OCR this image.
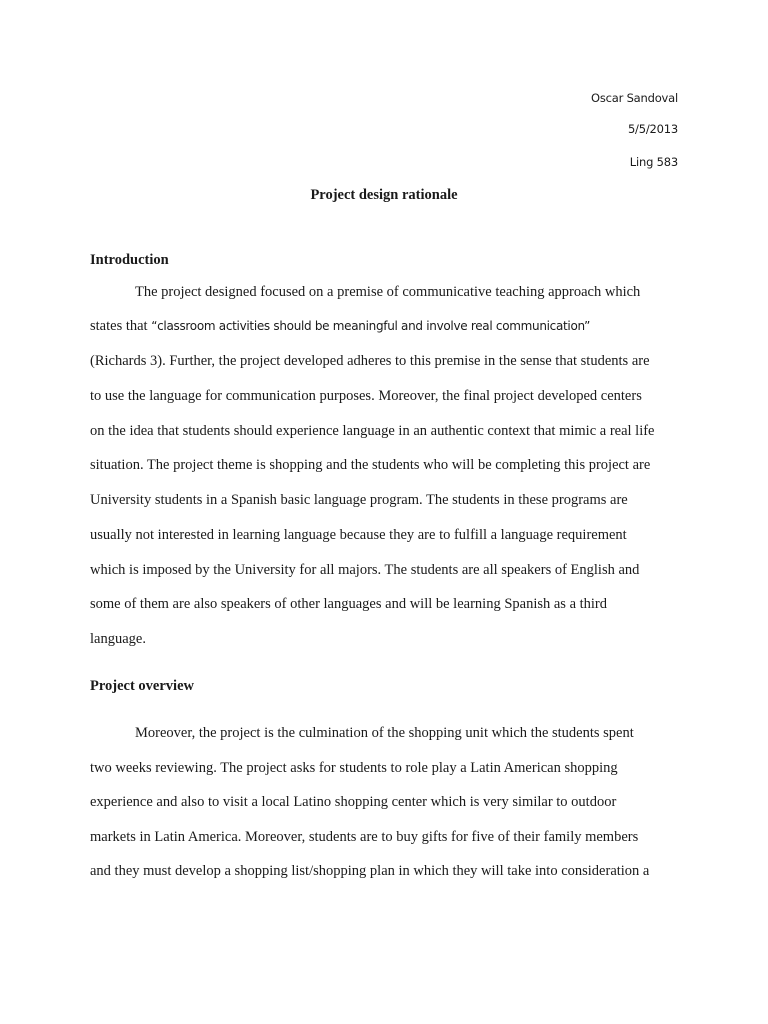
Oscar Sandoval
5/5/2013
Ling 583
Project design rationale
Introduction
The project designed focused on a premise of communicative teaching approach which
states that “classroom activities should be meaningful and involve real communication”
(Richards 3). Further, the project developed adheres to this premise in the sense that students are
to use the language for communication purposes. Moreover, the final project developed centers
on the idea that students should experience language in an authentic context that mimic a real life
situation. The project theme is shopping and the students who will be completing this project are
University students in a Spanish basic language program. The students in these programs are
usually not interested in learning language because they are to fulfill a language requirement
which is imposed by the University for all majors. The students are all speakers of English and
some of them are also speakers of other languages and will be learning Spanish as a third
language.
Project overview
Moreover, the project is the culmination of the shopping unit which the students spent
two weeks reviewing. The project asks for students to role play a Latin American shopping
experience and also to visit a local Latino shopping center which is very similar to outdoor
markets in Latin America. Moreover, students are to buy gifts for five of their family members
and they must develop a shopping list/shopping plan in which they will take into consideration a
